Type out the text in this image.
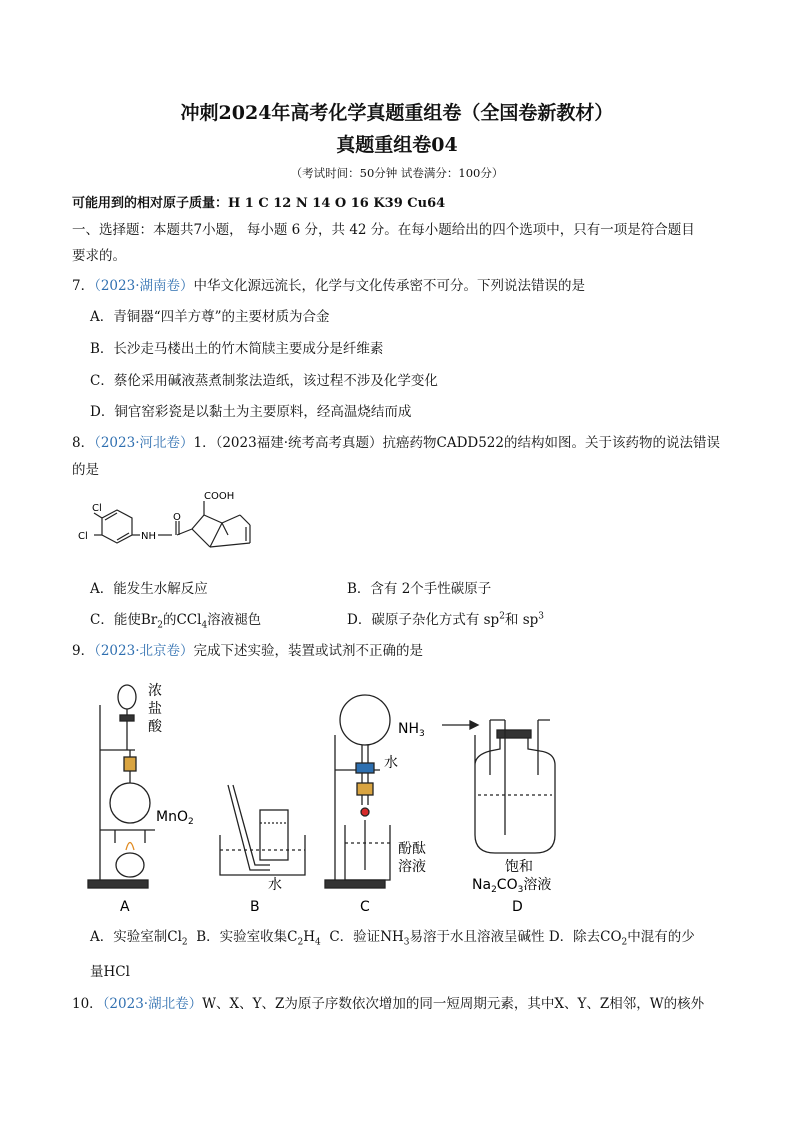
冲刺2024年高考化学真题重组卷（全国卷新教材）
真题重组卷04
（考试时间：50分钟 试卷满分：100分）
可能用到的相对原子质量：H 1 C 12 N 14 O 16 K39 Cu64
一、选择题：本题共7小题， 每小题 6 分，共 42 分。在每小题给出的四个选项中，只有一项是符合题目
要求的。
7．（2023·湖南卷）中华文化源远流长，化学与文化传承密不可分。下列说法错误的是
A．青铜器“四羊方尊”的主要材质为合金
B．长沙走马楼出土的竹木简牍主要成分是纤维素
C．蔡伦采用碱液蒸煮制浆法造纸，该过程不涉及化学变化
D．铜官窑彩瓷是以黏土为主要原料，经高温烧结而成
8．（2023·河北卷）1．（2023福建·统考高考真题）抗癌药物CADD522的结构如图。关于该药物的说法错误
的是
Cl
Cl	NH
O
COOH
A．能发生水解反应	B．含有 2个手性碳原子
C．能使$Br_2$的CCl$_4$溶液褪色	D．碳原子杂化方式有 $sp^2$和 $sp^3$
9．（2023·北京卷）完成下述实验，装置或试剂不正确的是
浓
盐
酸
MnO$_2$
水
$NH_3$
水
酚酞
溶液	饱和
$Na_2CO_3$溶液
A	B	C	D
A．实验室制$Cl_2$ B．实验室收集$C_2H_4$ C．验证$NH_3$易溶于水且溶液呈碱性 D．除去$CO_2$中混有的少
量HCl
10．（2023·湖北卷）W、X、Y、Z为原子序数依次增加的同一短周期元素，其中X、Y、Z相邻，W的核外
